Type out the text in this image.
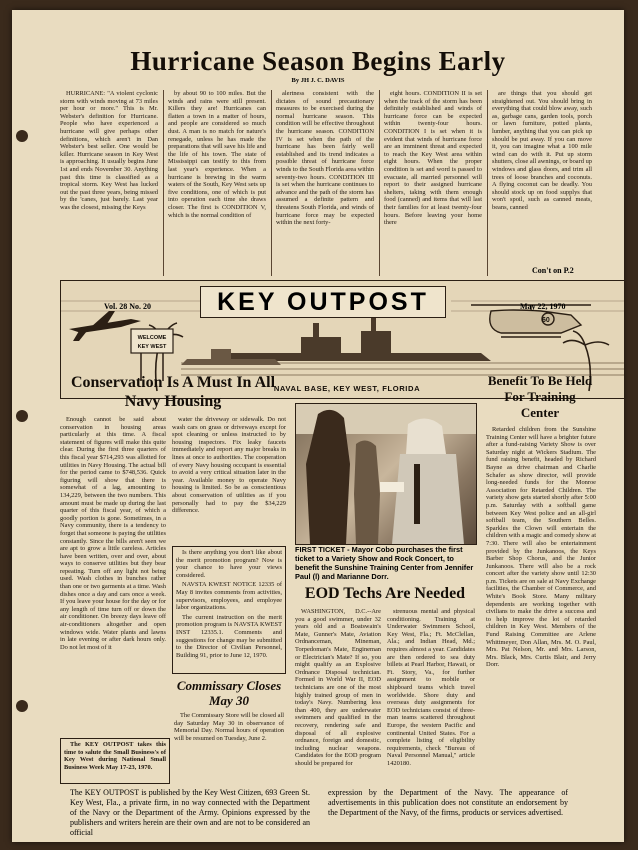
Hurricane Season Begins Early
By JH J. C. DAVIS

HURRICANE: "A violent cyclonic storm with winds moving at 73 miles per hour or more." This is Mr. Webster's definition for Hurricane. People who have experienced a hurricane will give perhaps other definitions, which aren't in Dan Webster's best seller. One would be killer. Hurricane season in Key West is approaching. It usually begins June 1st and ends November 30. Anything past this time is classified as a tropical storm. Key West has lucked out the past three years, being missed by the 'canes, just barely. Last year was the closest, missing the Keys

by about 90 to 100 miles. But the winds and rains were still present. Killers they are! Hurricanes can flatten a town in a matter of hours, and people are considered so much dust. A man is no match for nature's renegade, unless he has made the preparations that will save his life and the life of his town. The state of Mississippi can testify to this from last year's experience. When a hurricane is brewing in the warm waters of the South, Key West sets up five conditions, one of which is put into operation each time she draws closer. The first is CONDITION V, which is the normal condition of

alertness consistent with the dictates of sound precautionary measures to be exercised during the normal hurricane season. This condition will be effective throughout the hurricane season. CONDITION IV is set when the path of the hurricane has been fairly well established and its trend indicates a possible threat of hurricane force winds to the South Florida area within seventy-two hours. CONDITION III is set when the hurricane continues to advance and the path of the storm has assumed a definite pattern and threatens South Florida, and winds of hurricane force may be expected within the next forty-

eight hours. CONDITION II is set when the track of the storm has been definitely established and winds of hurricane force can be expected within twenty-four hours. CONDITION I is set when it is evident that winds of hurricane force are an imminent threat and expected to reach the Key West area within eight hours. When the proper condition is set and word is passed to evacuate, all married personnel will report to their assigned hurricane shelters, taking with them enough food (canned) and items that will last their families for at least twenty-four hours. Before leaving your home there

are things that you should get straightened out. You should bring in everything that could blow away, such as, garbage cans, garden tools, porch or lawn furniture, potted plants, lumber, anything that you can pick up should be put away. If you can move it, you can imagine what a 100 mile wind can do with it. Put up storm shutters, close all awnings, or board up windows and glass doors, and trim all trees of loose branches and coconuts. A flying coconut can be deadly. You should stock up on food supplys that won't spoil, such as canned meats, beans, canned

Con't on P.2
60
WELCOME
KEY WEST
KEY OUTPOST
Vol. 28 No. 20	May 22, 1970
NAVAL BASE, KEY WEST, FLORIDA
Conservation Is A Must In All Navy Housing

Enough cannot be said about conservation in housing areas particularly at this time. A fiscal statement of figures will make this quite clear. During the first three quarters of this fiscal year $714,293 was allotted for utilities in Navy Housing. The actual bill for the period came to $748,536. Quick figuring will show that there is somewhat of a lag, amounting to 134,229, between the two numbers. This amount must be made up during the last quarter of this fiscal year, of which a goodly portion is gone. Sometimes, in a Navy community, there is a tendency to forget that someone is paying the utilities constantly. Since the bills aren't seen we are apt to grow a little careless. Articles have been written, over and over, about ways to conserve utilities but they bear repeating. Turn off any light not being used. Wash clothes in bunches rather than one or two garments at a time. Wash dishes once a day and cars once a week. If you leave your house for the day or for any length of time turn off or down the air conditioner. On breezy days leave off air-conditioners altogether and open windows wide. Water plants and lawns in late evening or after dark hours only. Do not let most of it

water the driveway or sidewalk. Do not wash cars on grass or driveways except for spot cleaning or unless instructed to by housing inspectors. Fix leaky faucets immediately and report any major breaks in lines at once to authorities. The cooperation of every Navy housing occupant is essential to avoid a very critical situation later in the year. Available money to operate Navy housing is limited. So be as conscientious about conservation of utilities as if you personally had to pay the $34,229 difference.

The KEY OUTPOST takes this time to salute the Small Business's of Key West during National Small Business Week May 17-23, 1970.

Is there anything you don't like about the merit promotion program? Now is your chance to have your views considered.

NAVSTA KWEST NOTICE 12335 of May 8 invites comments from activities, supervisors, employees, and employee labor organizations.

The current instruction on the merit promotion program is NAVSTA KWEST INST 12335.1. Comments and suggestions for change may be submitted to the Director of Civilian Personnel, Building 91, prior to June 12, 1970.

Commissary Closes May 30

The Commissary Store will be closed all day Saturday May 30 in observance of Memorial Day. Normal hours of operation will be resumed on Tuesday, June 2.

FIRST TICKET - Mayor Cobo purchases the first ticket to a Variety Show and Rock Concert, to benefit the Sunshine Training Center from Jennifer Paul (l) and Marianne Dorr.
EOD Techs Are Needed

WASHINGTON, D.C.--Are you a good swimmer, under 32 years old and a Boatswain's Mate, Gunner's Mate, Aviation Ordnanceman, Mineman, Torpedoman's Mate, Engineman or Electrician's Mate? If so, you might qualify as an Explosive Ordnance Disposal technician. Formed in World War II, EOD technicians are one of the most highly trained group of men in today's Navy. Numbering less than 400, they are underwater swimmers and qualified in the recovery, rendering safe and disposal of all explosive ordnance, foreign and domestic, including nuclear weapons. Candidates for the EOD program should be prepared for

strenuous mental and physical conditioning. Training at Underwater Swimmers School, Key West, Fla.; Ft. McClellan, Ala.; and Indian Head, Md.; requires almost a year. Candidates are then ordered to sea duty billets at Pearl Harbor, Hawaii, or Ft. Story, Va., for further assignment to mobile or shipboard teams which travel worldwide. Shore duty and overseas duty assignments for EOD technicians consist of three-man teams scattered throughout Europe, the western Pacific and continental United States. For a complete listing of eligibility requirements, check "Bureau of Naval Personnel Manual," article 1420180.

Benefit To Be Held For Training Center

Retarded children from the Sunshine Training Center will have a brighter future after a fund-raising Variety Show is over Saturday night at Wickers Stadium. The fund raising benefit, headed by Richard Bayne as drive chairman and Charlie Schafer as show director, will provide long-needed funds for the Monroe Association for Retarded Children. The variety show gets started shortly after 5:00 p.m. Saturday with a softball game between Key West police and an all-girl softball team, the Southern Belles. Sparkles the Clown will entertain the children with a magic and comedy show at 7:30. There will also be entertainment provided by the Junkanoos, the Keys Barber Shop Chorus, and the Junior Junkanoos. There will also be a rock concert after the variety show until 12:30 p.m. Tickets are on sale at Navy Exchange facilities, the Chamber of Commerce, and White's Book Store. Many military dependents are working together with civilians to make the drive a success and to help improve the lot of retarded children in Key West. Members of the Fund Raising Committee are Arlene Whittmeyer, Don Allan, Mrs. M. O. Paul, Mrs. Pat Nelson, Mr. and Mrs. Larson, Mrs. Black, Mrs. Curtis Blair, and Jerry Dorr.

The KEY OUTPOST is published by the Key West Citizen, 693 Green St. Key West, Fla., a private firm, in no way connected with the Department of the Navy or the Department of the Army. Opinions expressed by the publishers and writers herein are their own and are not to be considered an official
expression by the Department of the Navy. The appearance of advertisements in this publication does not constitute an endorsement by the Department of the Navy, of the firms, products or services advertised.
